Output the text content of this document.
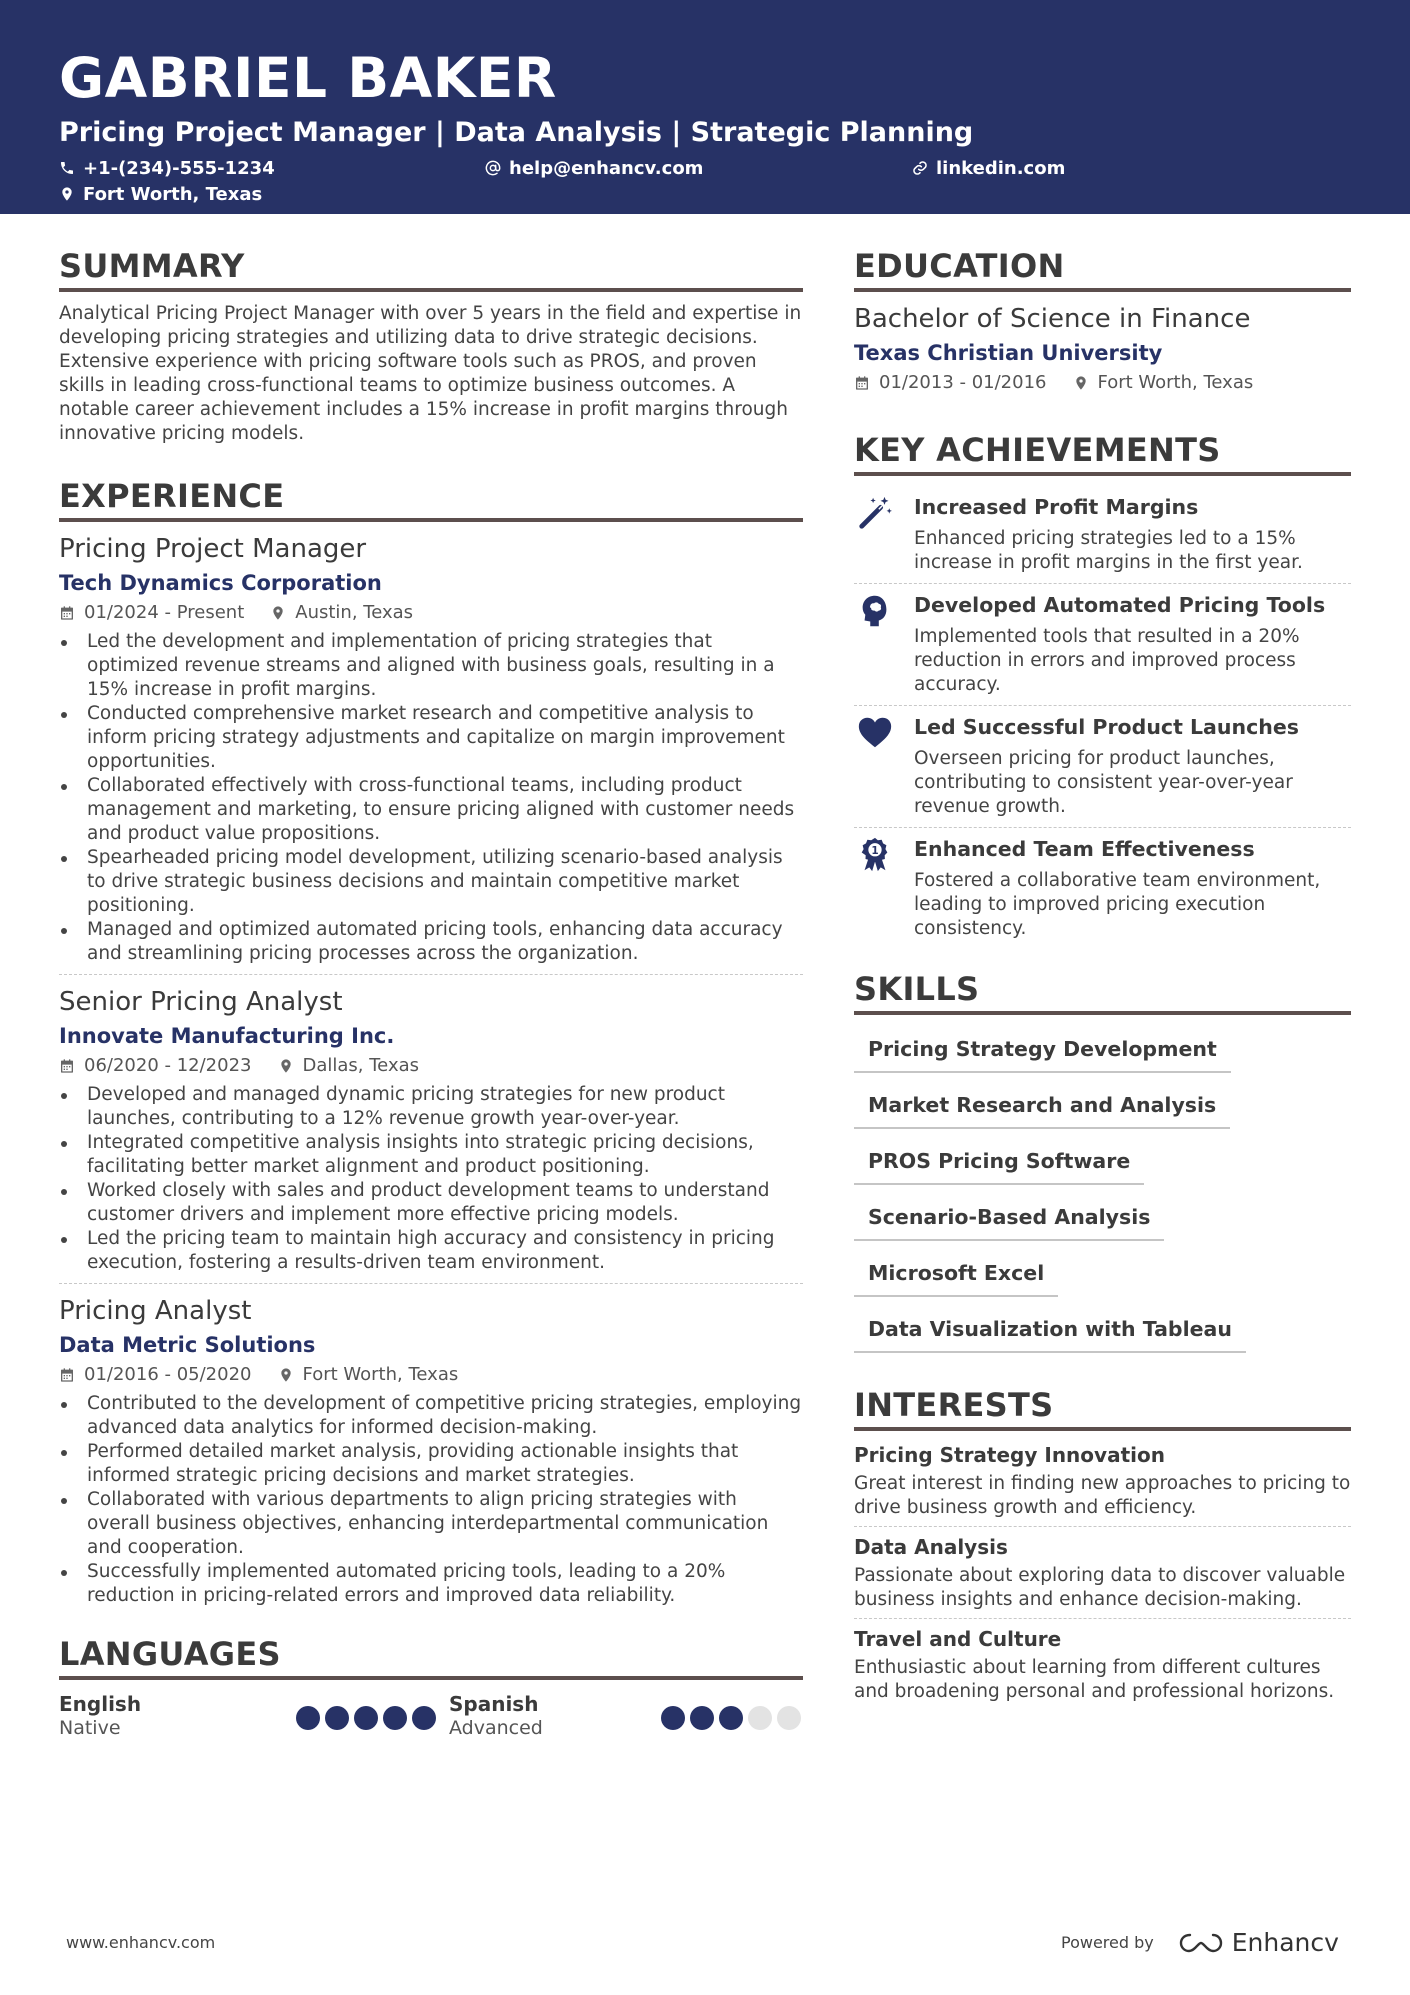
GABRIEL BAKER
Pricing Project Manager | Data Analysis | Strategic Planning
+1-(234)-555-1234	help@enhancv.com	linkedin.com
Fort Worth, Texas
SUMMARY
Analytical Pricing Project Manager with over 5 years in the field and expertise in developing pricing strategies and utilizing data to drive strategic decisions. Extensive experience with pricing software tools such as PROS, and proven skills in leading cross-functional teams to optimize business outcomes. A notable career achievement includes a 15% increase in profit margins through innovative pricing models.
EXPERIENCE
Pricing Project Manager
Tech Dynamics Corporation
01/2024 - Present	Austin, Texas
Led the development and implementation of pricing strategies that optimized revenue streams and aligned with business goals, resulting in a 15% increase in profit margins.
Conducted comprehensive market research and competitive analysis to inform pricing strategy adjustments and capitalize on margin improvement opportunities.
Collaborated effectively with cross-functional teams, including product management and marketing, to ensure pricing aligned with customer needs and product value propositions.
Spearheaded pricing model development, utilizing scenario-based analysis to drive strategic business decisions and maintain competitive market positioning.
Managed and optimized automated pricing tools, enhancing data accuracy and streamlining pricing processes across the organization.
Senior Pricing Analyst
Innovate Manufacturing Inc.
06/2020 - 12/2023	Dallas, Texas
Developed and managed dynamic pricing strategies for new product launches, contributing to a 12% revenue growth year-over-year.
Integrated competitive analysis insights into strategic pricing decisions, facilitating better market alignment and product positioning.
Worked closely with sales and product development teams to understand customer drivers and implement more effective pricing models.
Led the pricing team to maintain high accuracy and consistency in pricing execution, fostering a results-driven team environment.
Pricing Analyst
Data Metric Solutions
01/2016 - 05/2020	Fort Worth, Texas
Contributed to the development of competitive pricing strategies, employing advanced data analytics for informed decision-making.
Performed detailed market analysis, providing actionable insights that informed strategic pricing decisions and market strategies.
Collaborated with various departments to align pricing strategies with overall business objectives, enhancing interdepartmental communication and cooperation.
Successfully implemented automated pricing tools, leading to a 20% reduction in pricing-related errors and improved data reliability.
LANGUAGES
English
Native
Spanish
Advanced
EDUCATION
Bachelor of Science in Finance
Texas Christian University
01/2013 - 01/2016	Fort Worth, Texas
KEY ACHIEVEMENTS
Increased Profit Margins
Enhanced pricing strategies led to a 15% increase in profit margins in the first year.
Developed Automated Pricing Tools
Implemented tools that resulted in a 20% reduction in errors and improved process accuracy.
Led Successful Product Launches
Overseen pricing for product launches, contributing to consistent year-over-year revenue growth.
1 Enhanced Team Effectiveness
Fostered a collaborative team environment, leading to improved pricing execution consistency.
SKILLS
Pricing Strategy Development
Market Research and Analysis
PROS Pricing Software
Scenario-Based Analysis
Microsoft Excel
Data Visualization with Tableau
INTERESTS
Pricing Strategy Innovation
Great interest in finding new approaches to pricing to drive business growth and efficiency.
Data Analysis
Passionate about exploring data to discover valuable business insights and enhance decision-making.
Travel and Culture
Enthusiastic about learning from different cultures and broadening personal and professional horizons.
www.enhancv.com	Powered by	Enhancv
